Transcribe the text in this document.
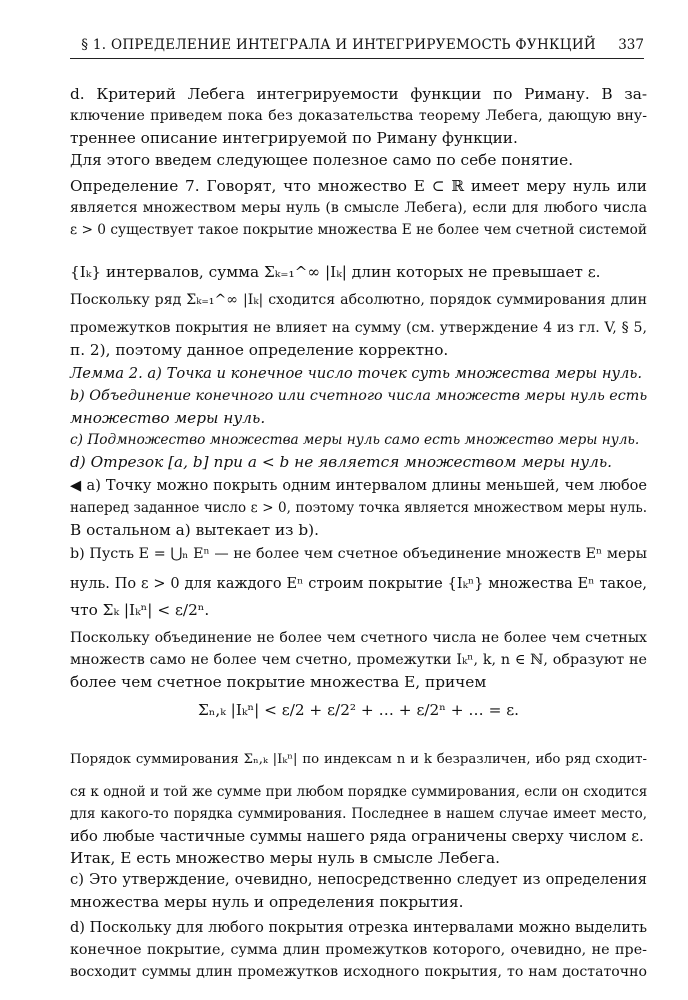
§ 1. ОПРЕДЕЛЕНИЕ ИНТЕГРАЛА И ИНТЕГРИРУЕМОСТЬ ФУНКЦИЙ 337
d. Критерий Лебега интегрируемости функции по Риману. В за-
ключение приведем пока без доказательства теорему Лебега, дающую вну-
треннее описание интегрируемой по Риману функции.
Для этого введем следующее полезное само по себе понятие.
Определение 7. Говорят, что множество E ⊂ ℝ имеет меру нуль или
является множеством меры нуль (в смысле Лебега), если для любого числа
ε > 0 существует такое покрытие множества E не более чем счетной системой
{Iₖ} интервалов, сумма Σₖ₌₁^∞ |Iₖ| длин которых не превышает ε.
Поскольку ряд Σₖ₌₁^∞ |Iₖ| сходится абсолютно, порядок суммирования длин
промежутков покрытия не влияет на сумму (см. утверждение 4 из гл. V, § 5,
п. 2), поэтому данное определение корректно.
Лемма 2. a) Точка и конечное число точек суть множества меры нуль.
b) Объединение конечного или счетного числа множеств меры нуль есть
множество меры нуль.
c) Подмножество множества меры нуль само есть множество меры нуль.
d) Отрезок [a, b] при a < b не является множеством меры нуль.
◀ a) Точку можно покрыть одним интервалом длины меньшей, чем любое
наперед заданное число ε > 0, поэтому точка является множеством меры нуль.
В остальном a) вытекает из b).
b) Пусть E = ⋃ₙ Eⁿ — не более чем счетное объединение множеств Eⁿ меры
нуль. По ε > 0 для каждого Eⁿ строим покрытие {Iₖⁿ} множества Eⁿ такое,
что Σₖ |Iₖⁿ| < ε/2ⁿ.
Поскольку объединение не более чем счетного числа не более чем счетных
множеств само не более чем счетно, промежутки Iₖⁿ, k, n ∈ ℕ, образуют не
более чем счетное покрытие множества E, причем
Σₙ,ₖ |Iₖⁿ| < ε/2 + ε/2² + … + ε/2ⁿ + … = ε.
Порядок суммирования Σₙ,ₖ |Iₖⁿ| по индексам n и k безразличен, ибо ряд сходит-
ся к одной и той же сумме при любом порядке суммирования, если он сходится
для какого-то порядка суммирования. Последнее в нашем случае имеет место,
ибо любые частичные суммы нашего ряда ограничены сверху числом ε.
Итак, E есть множество меры нуль в смысле Лебега.
c) Это утверждение, очевидно, непосредственно следует из определения
множества меры нуль и определения покрытия.
d) Поскольку для любого покрытия отрезка интервалами можно выделить
конечное покрытие, сумма длин промежутков которого, очевидно, не пре-
восходит суммы длин промежутков исходного покрытия, то нам достаточно
